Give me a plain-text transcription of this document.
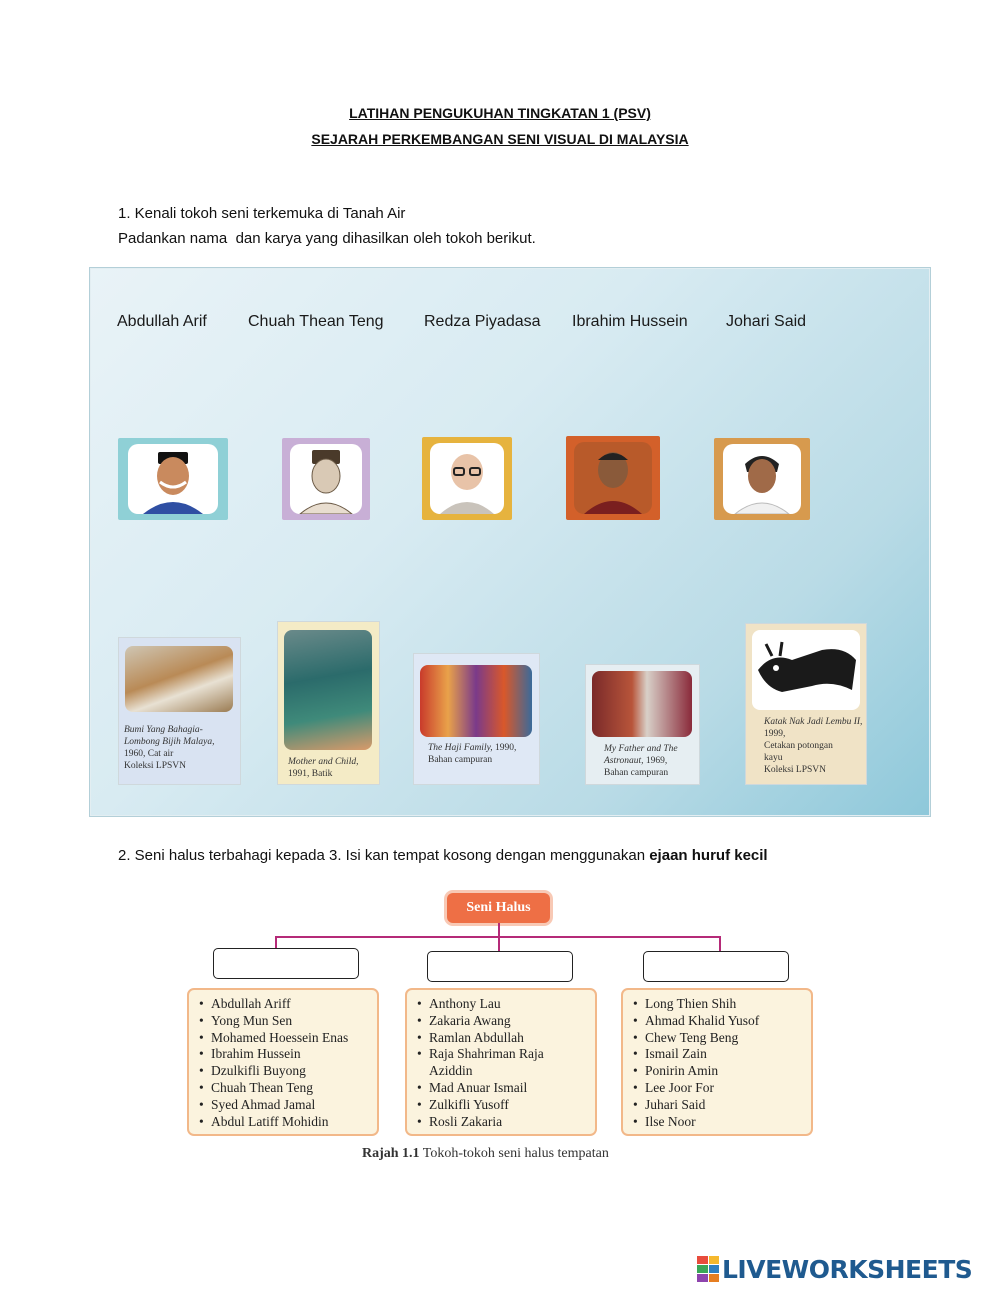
LATIHAN PENGUKUHAN TINGKATAN 1 (PSV)
SEJARAH PERKEMBANGAN SENI VISUAL DI MALAYSIA
1. Kenali tokoh seni terkemuka di Tanah Air
Padankan nama  dan karya yang dihasilkan oleh tokoh berikut.
Abdullah Arif	Chuah Thean Teng	Redza Piyadasa Ibrahim Hussein Johari Said
Bumi Yang Bahagia-Lombong Bijih Malaya, 1960, Cat air
Koleksi LPSVN	Mother and Child,
1991, Batik
The Haji Family, 1990,
Bahan campuran
My Father and The Astronaut, 1969,
Bahan campuran
Katak Nak Jadi Lembu II, 1999,
Cetakan potongan
kayu
Koleksi LPSVN
2. Seni halus terbahagi kepada 3. Isi kan tempat kosong dengan menggunakan ejaan huruf kecil
Seni Halus
• Abdullah Ariff
• Yong Mun Sen
• Mohamed Hoessein Enas
• Ibrahim Hussein
• Dzulkifli Buyong
• Chuah Thean Teng
• Syed Ahmad Jamal
• Abdul Latiff Mohidin
• Anthony Lau
• Zakaria Awang
• Ramlan Abdullah
• Raja Shahriman Raja
Aziddin
• Mad Anuar Ismail
• Zulkifli Yusoff
• Rosli Zakaria
• Long Thien Shih
• Ahmad Khalid Yusof
• Chew Teng Beng
• Ismail Zain
• Ponirin Amin
• Lee Joor For
• Juhari Said
• Ilse Noor
Rajah 1.1 Tokoh-tokoh seni halus tempatan
LIVEWORKSHEETS
